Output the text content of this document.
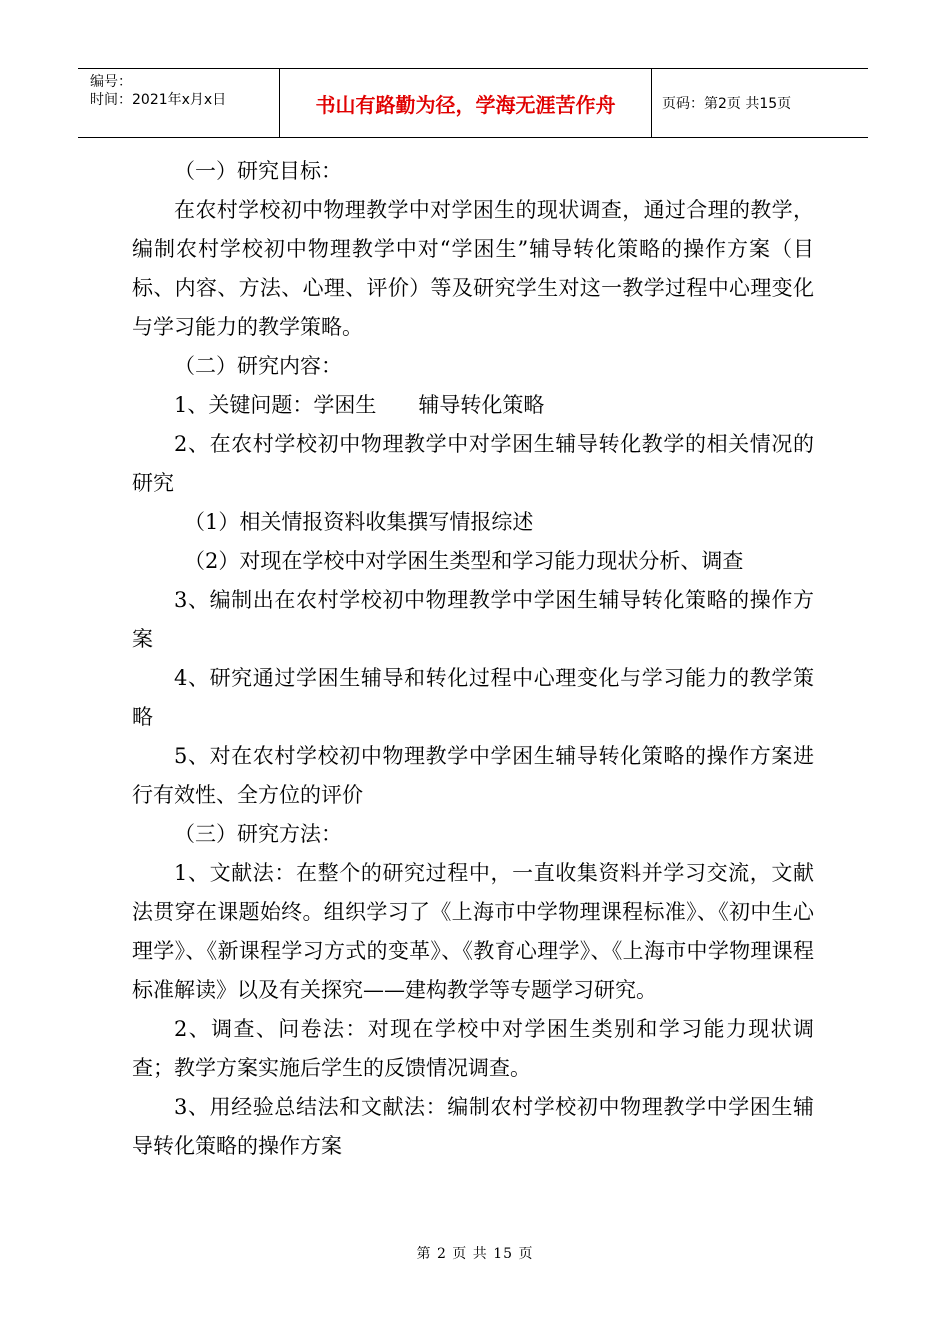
编号：
时间：2021年x月x日	书山有路勤为径，学海无涯苦作舟	页码：第2页 共15页

（一）研究目标：

在农村学校初中物理教学中对学困生的现状调查，通过合理的教学，编制农村学校初中物理教学中对“学困生”辅导转化策略的操作方案（目标、内容、方法、心理、评价）等及研究学生对这一教学过程中心理变化与学习能力的教学策略。

（二）研究内容：

1、关键问题：学困生　　辅导转化策略

2、在农村学校初中物理教学中对学困生辅导转化教学的相关情况的研究

（1）相关情报资料收集撰写情报综述

（2）对现在学校中对学困生类型和学习能力现状分析、调查

3、编制出在农村学校初中物理教学中学困生辅导转化策略的操作方案

4、研究通过学困生辅导和转化过程中心理变化与学习能力的教学策略

5、对在农村学校初中物理教学中学困生辅导转化策略的操作方案进行有效性、全方位的评价

（三）研究方法：

1、文献法：在整个的研究过程中，一直收集资料并学习交流，文献法贯穿在课题始终。组织学习了《上海市中学物理课程标准》、《初中生心理学》、《新课程学习方式的变革》、《教育心理学》、《上海市中学物理课程标准解读》以及有关探究——建构教学等专题学习研究。

2、调查、问卷法：对现在学校中对学困生类别和学习能力现状调查；教学方案实施后学生的反馈情况调查。

3、用经验总结法和文献法：编制农村学校初中物理教学中学困生辅导转化策略的操作方案

第 2 页 共 15 页
